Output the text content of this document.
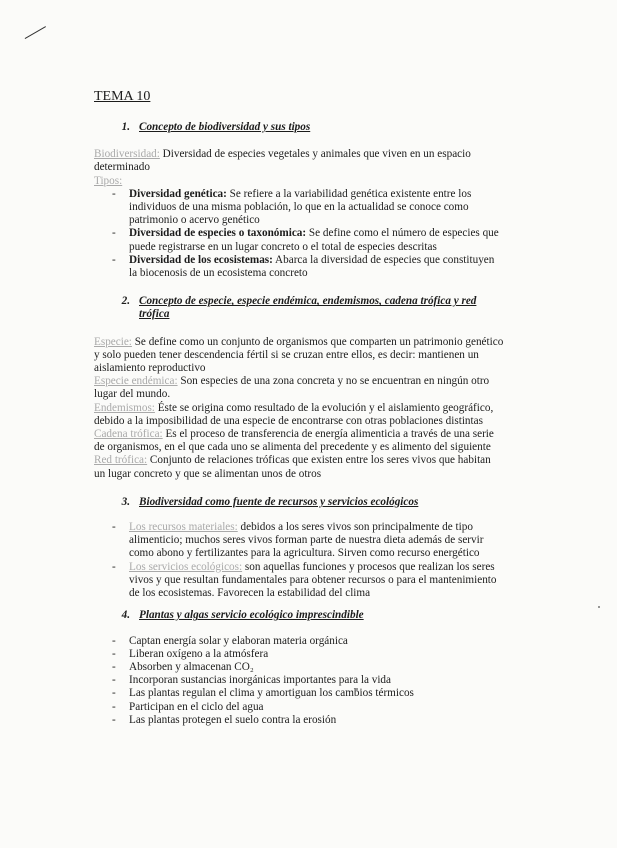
TEMA 10
1. Concepto de biodiversidad y sus tipos

Biodiversidad: Diversidad de especies vegetales y animales que viven en un espacio determinado

Tipos:

-	Diversidad genética: Se refiere a la variabilidad genética existente entre los individuos de una misma población, lo que en la actualidad se conoce como patrimonio o acervo genético
-	Diversidad de especies o taxonómica: Se define como el número de especies que puede registrarse en un lugar concreto o el total de especies descritas
-	Diversidad de los ecosistemas: Abarca la diversidad de especies que constituyen la biocenosis de un ecosistema concreto
2. Concepto de especie, especie endémica, endemismos, cadena trófica y red trófica

Especie: Se define como un conjunto de organismos que comparten un patrimonio genético y solo pueden tener descendencia fértil si se cruzan entre ellos, es decir: mantienen un aislamiento reproductivo

Especie endémica: Son especies de una zona concreta y no se encuentran en ningún otro lugar del mundo.

Endemismos: Éste se origina como resultado de la evolución y el aislamiento geográfico, debido a la imposibilidad de una especie de encontrarse con otras poblaciones distintas

Cadena trófica: Es el proceso de transferencia de energía alimenticia a través de una serie de organismos, en el que cada uno se alimenta del precedente y es alimento del siguiente

Red trófica: Conjunto de relaciones tróficas que existen entre los seres vivos que habitan un lugar concreto y que se alimentan unos de otros

3. Biodiversidad como fuente de recursos y servicios ecológicos
-	Los recursos materiales: debidos a los seres vivos son principalmente de tipo alimenticio; muchos seres vivos forman parte de nuestra dieta además de servir como abono y fertilizantes para la agricultura. Sirven como recurso energético
-	Los servicios ecológicos: son aquellas funciones y procesos que realizan los seres vivos y que resultan fundamentales para obtener recursos o para el mantenimiento de los ecosistemas. Favorecen la estabilidad del clima
4. Plantas y algas servicio ecológico imprescindible
-	Captan energía solar y elaboran materia orgánica
-	Liberan oxígeno a la atmósfera
-	Absorben y almacenan CO₂
-	Incorporan sustancias inorgánicas importantes para la vida
-	Las plantas regulan el clima y amortiguan los cambios térmicos
-	Participan en el ciclo del agua
-	Las plantas protegen el suelo contra la erosión
